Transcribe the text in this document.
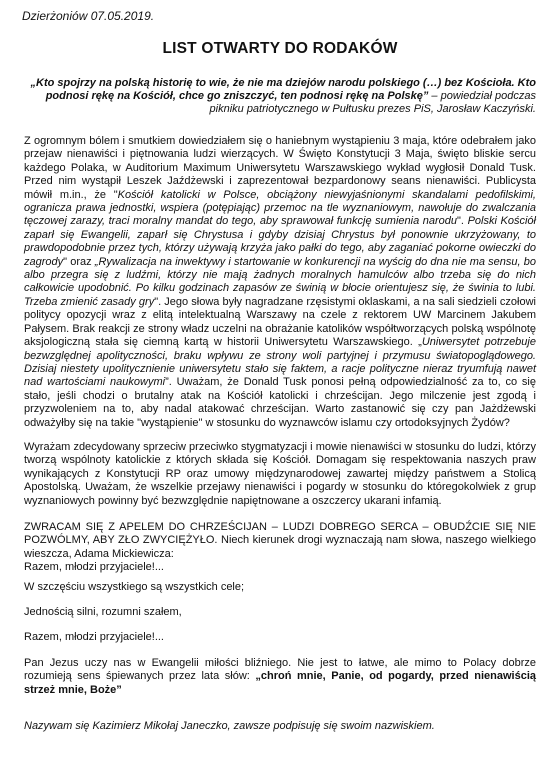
Dzierżoniów 07.05.2019.
LIST OTWARTY DO RODAKÓW
„Kto spojrzy na polską historię to wie, że nie ma dziejów narodu polskiego (…) bez Kościoła. Kto podnosi rękę na Kościół, chce go zniszczyć, ten podnosi rękę na Polskę” – powiedział podczas pikniku patriotycznego w Pułtusku prezes PiS, Jarosław Kaczyński.

Z ogromnym bólem i smutkiem dowiedziałem się o haniebnym wystąpieniu 3 maja, które odebrałem jako przejaw nienawiści i piętnowania ludzi wierzących. W Święto Konstytucji 3 Maja, święto bliskie sercu każdego Polaka, w Auditorium Maximum Uniwersytetu Warszawskiego wykład wygłosił Donald Tusk. Przed nim wystąpił Leszek Jaźdżewski i zaprezentował bezpardonowy seans nienawiści. Publicysta mówił m.in., że "Kościół katolicki w Polsce, obciążony niewyjaśnionymi skandalami pedofilskimi, ogranicza prawa jednostki, wspiera (potępiając) przemoc na tle wyznaniowym, nawołuje do zwalczania tęczowej zarazy, traci moralny mandat do tego, aby sprawował funkcję sumienia narodu". Polski Kościół zaparł się Ewangelii, zaparł się Chrystusa i gdyby dzisiaj Chrystus był ponownie ukrzyżowany, to prawdopodobnie przez tych, którzy używają krzyża jako pałki do tego, aby zaganiać pokorne owieczki do zagrody" oraz „Rywalizacja na inwektywy i startowanie w konkurencji na wyścig do dna nie ma sensu, bo albo przegra się z ludźmi, którzy nie mają żadnych moralnych hamulców albo trzeba się do nich całkowicie upodobnić. Po kilku godzinach zapasów ze świnią w błocie orientujesz się, że świnia to lubi. Trzeba zmienić zasady gry". Jego słowa były nagradzane rzęsistymi oklaskami, a na sali siedzieli czołowi politycy opozycji wraz z elitą intelektualną Warszawy na czele z rektorem UW Marcinem Jakubem Pałysem. Brak reakcji ze strony władz uczelni na obrażanie katolików współtworzących polską wspólnotę aksjologiczną stała się ciemną kartą w historii Uniwersytetu Warszawskiego. „Uniwersytet potrzebuje bezwzględnej apolityczności, braku wpływu ze strony woli partyjnej i przymusu światopoglądowego. Dzisiaj niestety upolitycznienie uniwersytetu stało się faktem, a racje polityczne nieraz tryumfują nawet nad wartościami naukowymi”. Uważam, że Donald Tusk ponosi pełną odpowiedzialność za to, co się stało, jeśli chodzi o brutalny atak na Kościół katolicki i chrześcijan. Jego milczenie jest zgodą i przyzwoleniem na to, aby nadal atakować chrześcijan. Warto zastanowić się czy pan Jażdżewski odważyłby się na takie "wystąpienie" w stosunku do wyznawców islamu czy ortodoksyjnych Żydów?

Wyrażam zdecydowany sprzeciw przeciwko stygmatyzacji i mowie nienawiści w stosunku do ludzi, którzy tworzą wspólnoty katolickie z których składa się Kościół. Domagam się respektowania naszych praw wynikających z Konstytucji RP oraz umowy międzynarodowej zawartej między państwem a Stolicą Apostolską. Uważam, że wszelkie przejawy nienawiści i pogardy w stosunku do któregokolwiek z grup wyznaniowych powinny być bezwzględnie napiętnowane a oszczercy ukarani infamią.

ZWRACAM SIĘ Z APELEM DO CHRZEŚCIJAN – LUDZI DOBREGO SERCA – OBUDŹCIE SIĘ NIE POZWÓLMY, ABY ZŁO ZWYCIĘŻYŁO. Niech kierunek drogi wyznaczają nam słowa, naszego wielkiego wieszcza, Adama Mickiewicza:
Razem, młodzi przyjaciele!...

W szczęściu wszystkiego są wszystkich cele;

Jednością silni, rozumni szałem,

Razem, młodzi przyjaciele!...

Pan Jezus uczy nas w Ewangelii miłości bliźniego. Nie jest to łatwe, ale mimo to Polacy dobrze rozumieją sens śpiewanych przez lata słów: „chroń mnie, Panie, od pogardy, przed nienawiścią strzeż mnie, Boże”

Nazywam się Kazimierz Mikołaj Janeczko, zawsze podpisuję się swoim nazwiskiem.
